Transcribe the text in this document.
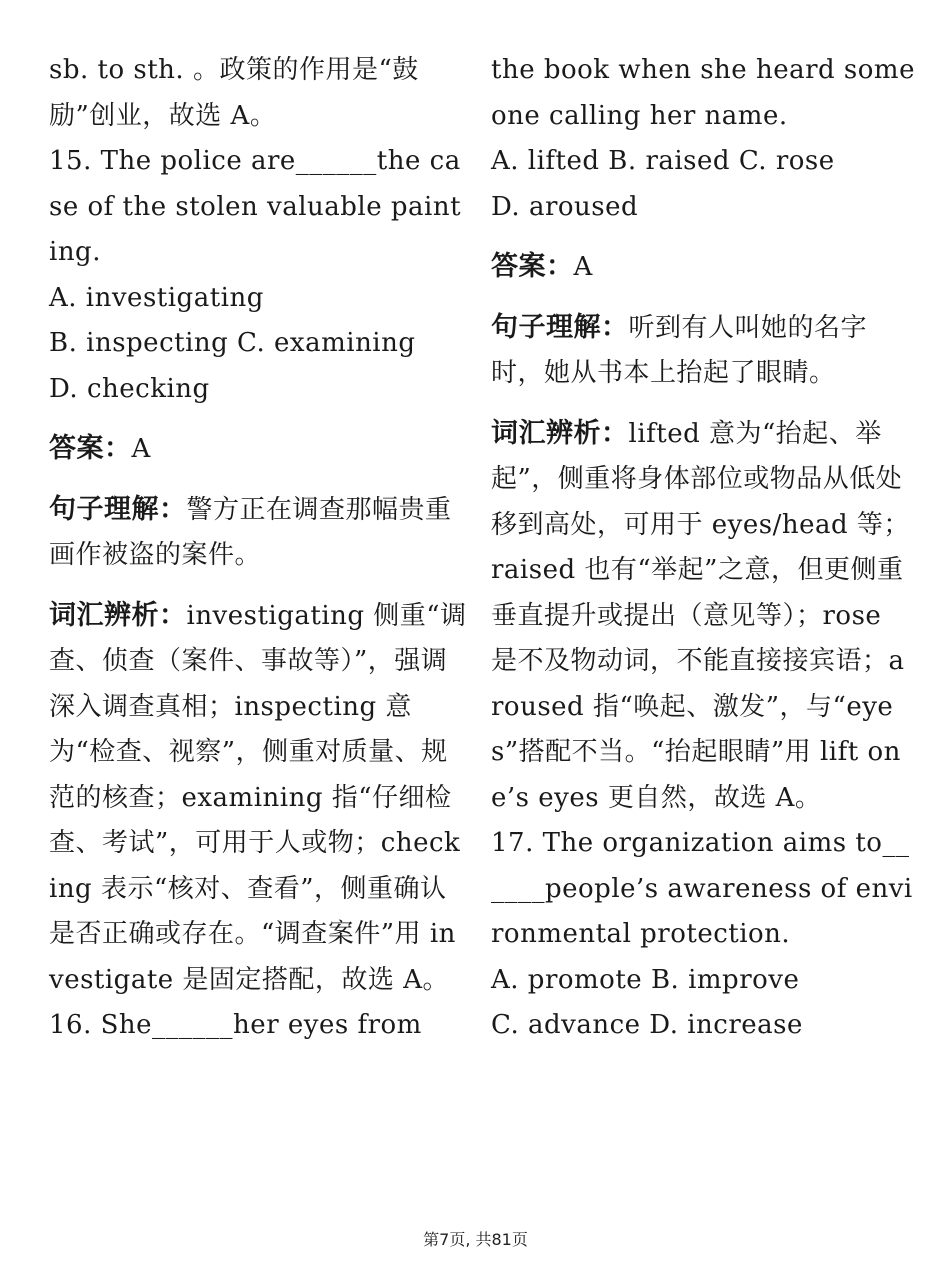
sb. to sth. 。政策的作用是“鼓励”创业，故选 A。

15. The police are______the case of the stolen valuable painting.

A. investigating

B. inspecting C. examining

D. checking

答案：A

句子理解：警方正在调查那幅贵重画作被盗的案件。

词汇辨析：investigating 侧重“调查、侦查（案件、事故等）”，强调深入调查真相；inspecting 意为“检查、视察”，侧重对质量、规范的核查；examining 指“仔细检查、考试”，可用于人或物；checking 表示“核对、查看”，侧重确认是否正确或存在。“调查案件”用 investigate 是固定搭配，故选 A。

16. She______her eyes from

the book when she heard someone calling her name.

A. lifted B. raised C. rose

D. aroused

答案：A

句子理解：听到有人叫她的名字时，她从书本上抬起了眼睛。

词汇辨析：lifted 意为“抬起、举起”，侧重将身体部位或物品从低处移到高处，可用于 eyes/head 等；raised 也有“举起”之意，但更侧重垂直提升或提出（意见等）；rose 是不及物动词，不能直接接宾语；aroused 指“唤起、激发”，与“eyes”搭配不当。“抬起眼睛”用 lift one’s eyes 更自然，故选 A。

17. The organization aims to______people’s awareness of environmental protection.

A. promote B. improve

C. advance D. increase

第7页, 共81页
